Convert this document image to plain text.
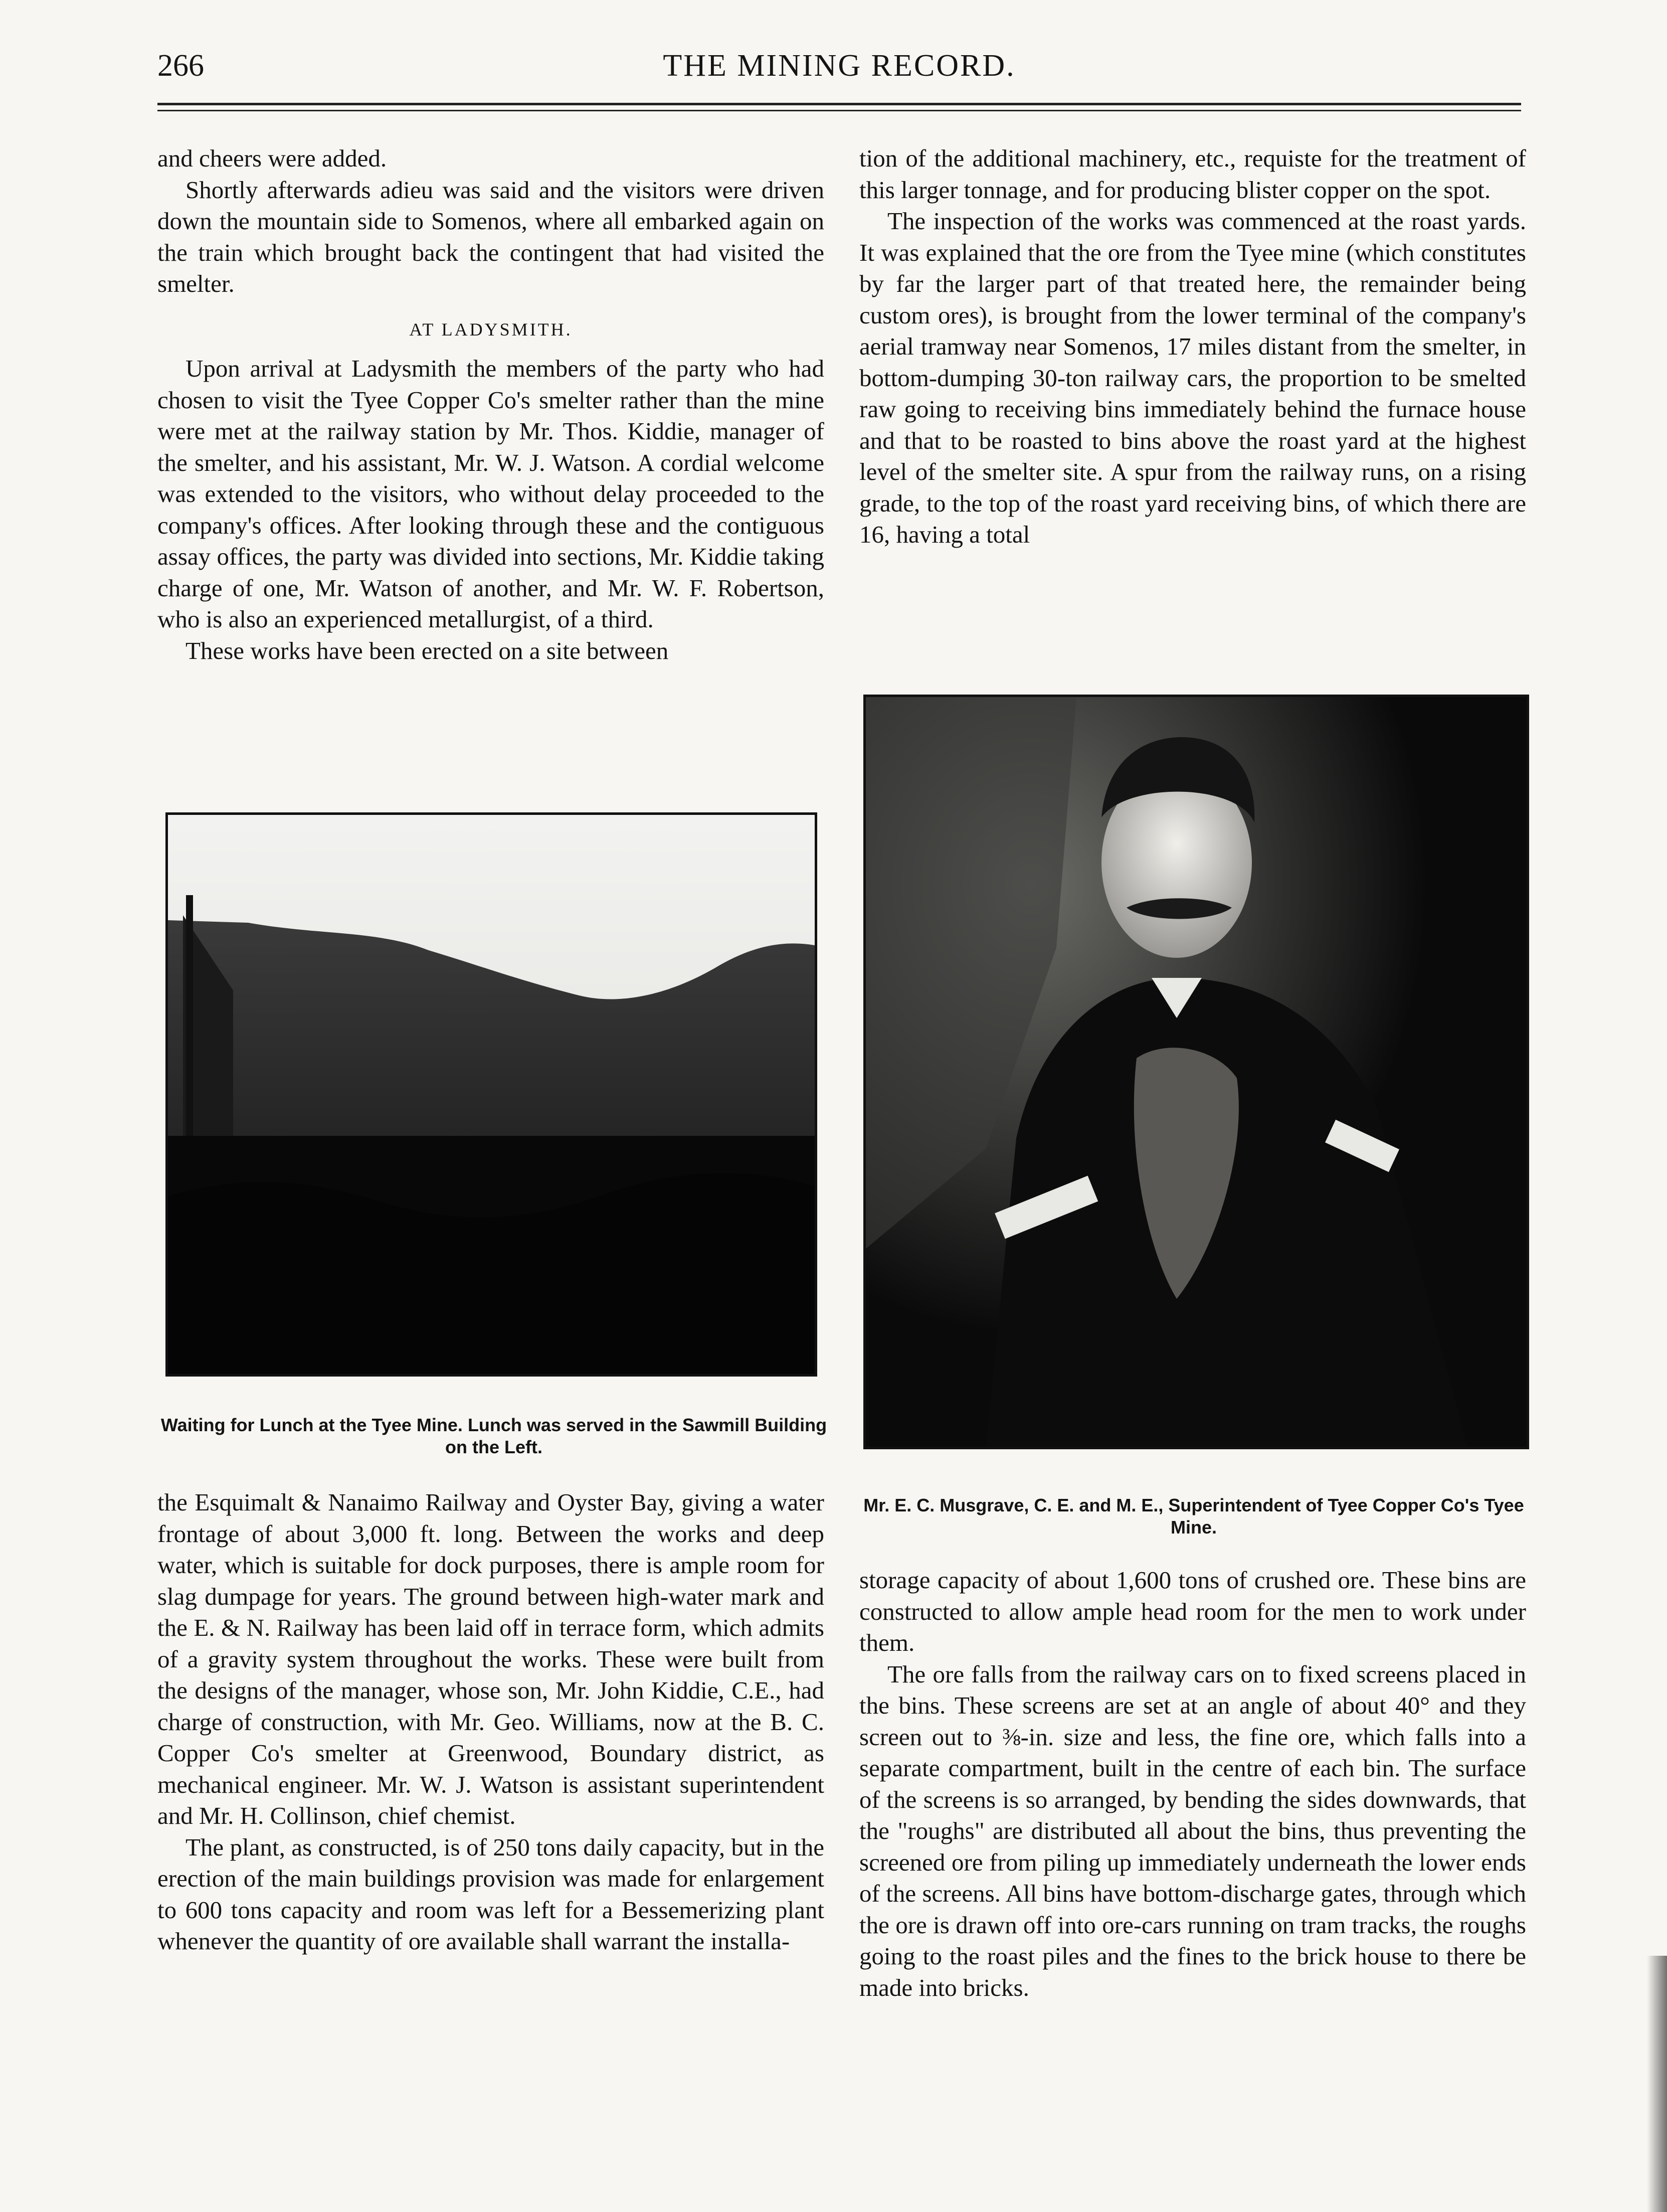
266	THE MINING RECORD.

and cheers were added.

Shortly afterwards adieu was said and the visitors were driven down the mountain side to Somenos, where all embarked again on the train which brought back the contingent that had visited the smelter.

AT LADYSMITH.

Upon arrival at Ladysmith the members of the party who had chosen to visit the Tyee Copper Co's smelter rather than the mine were met at the railway station by Mr. Thos. Kiddie, manager of the smelter, and his assistant, Mr. W. J. Watson. A cordial welcome was extended to the visitors, who without delay proceeded to the company's offices. After looking through these and the contiguous assay offices, the party was divided into sections, Mr. Kiddie taking charge of one, Mr. Watson of another, and Mr. W. F. Robertson, who is also an experienced metallurgist, of a third.

These works have been erected on a site between

tion of the additional machinery, etc., requiste for the treatment of this larger tonnage, and for producing blister copper on the spot.

The inspection of the works was commenced at the roast yards. It was explained that the ore from the Tyee mine (which constitutes by far the larger part of that treated here, the remainder being custom ores), is brought from the lower terminal of the company's aerial tramway near Somenos, 17 miles distant from the smelter, in bottom-dumping 30-ton railway cars, the proportion to be smelted raw going to receiving bins immediately behind the furnace house and that to be roasted to bins above the roast yard at the highest level of the smelter site. A spur from the railway runs, on a rising grade, to the top of the roast yard receiving bins, of which there are 16, having a total

Waiting for Lunch at the Tyee Mine. Lunch was served in the Sawmill Building on the Left.
Mr. E. C. Musgrave, C. E. and M. E., Superintendent of Tyee Copper Co's Tyee Mine.

the Esquimalt & Nanaimo Railway and Oyster Bay, giving a water frontage of about 3,000 ft. long. Between the works and deep water, which is suitable for dock purposes, there is ample room for slag dumpage for years. The ground between high-water mark and the E. & N. Railway has been laid off in terrace form, which admits of a gravity system throughout the works. These were built from the designs of the manager, whose son, Mr. John Kiddie, C.E., had charge of construction, with Mr. Geo. Williams, now at the B. C. Copper Co's smelter at Greenwood, Boundary district, as mechanical engineer. Mr. W. J. Watson is assistant superintendent and Mr. H. Collinson, chief chemist.

The plant, as constructed, is of 250 tons daily capacity, but in the erection of the main buildings provision was made for enlargement to 600 tons capacity and room was left for a Bessemerizing plant whenever the quantity of ore available shall warrant the installa-

storage capacity of about 1,600 tons of crushed ore. These bins are constructed to allow ample head room for the men to work under them.

The ore falls from the railway cars on to fixed screens placed in the bins. These screens are set at an angle of about 40° and they screen out to ⅜-in. size and less, the fine ore, which falls into a separate compartment, built in the centre of each bin. The surface of the screens is so arranged, by bending the sides downwards, that the "roughs" are distributed all about the bins, thus preventing the screened ore from piling up immediately underneath the lower ends of the screens. All bins have bottom-discharge gates, through which the ore is drawn off into ore-cars running on tram tracks, the roughs going to the roast piles and the fines to the brick house to there be made into bricks.
